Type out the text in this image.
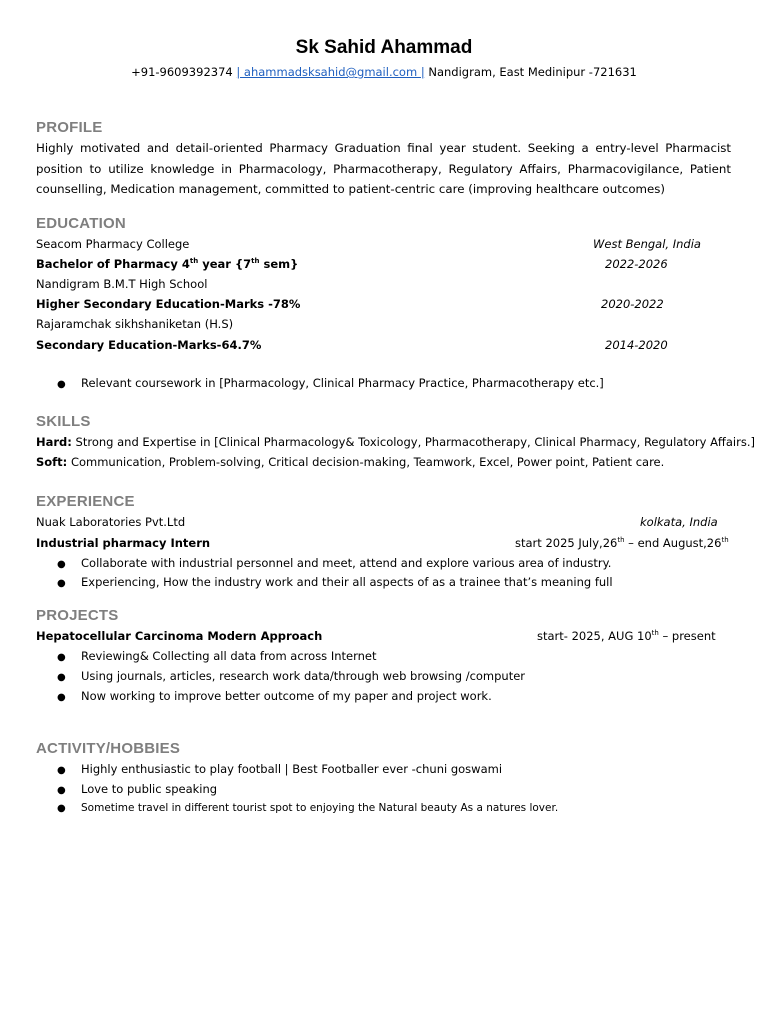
Sk Sahid Ahammad
+91-9609392374 | ahammadsksahid@gmail.com | Nandigram, East Medinipur -721631
PROFILE
Highly motivated and detail-oriented Pharmacy Graduation final year student. Seeking a entry-level Pharmacist position to utilize knowledge in Pharmacology, Pharmacotherapy, Regulatory Affairs, Pharmacovigilance, Patient counselling, Medication management, committed to patient-centric care (improving healthcare outcomes)
EDUCATION
Seacom Pharmacy College	West Bengal, India
Bachelor of Pharmacy 4th year {7th sem}	2022-2026
Nandigram B.M.T High School
Higher Secondary Education-Marks -78%	2020-2022
Rajaramchak sikhshaniketan (H.S)
Secondary Education-Marks-64.7%	2014-2020
● Relevant coursework in [Pharmacology, Clinical Pharmacy Practice, Pharmacotherapy etc.]
SKILLS
Hard: Strong and Expertise in [Clinical Pharmacology& Toxicology, Pharmacotherapy, Clinical Pharmacy, Regulatory Affairs.]
Soft: Communication, Problem-solving, Critical decision-making, Teamwork, Excel, Power point, Patient care.
EXPERIENCE
Nuak Laboratories Pvt.Ltd	kolkata, India
Industrial pharmacy Intern	start 2025 July,26th – end August,26th
● Collaborate with industrial personnel and meet, attend and explore various area of industry.
● Experiencing, How the industry work and their all aspects of as a trainee that’s meaning full
PROJECTS
Hepatocellular Carcinoma Modern Approach	start- 2025, AUG 10th – present
● Reviewing& Collecting all data from across Internet
● Using journals, articles, research work data/through web browsing /computer
● Now working to improve better outcome of my paper and project work.
ACTIVITY/HOBBIES
● Highly enthusiastic to play football | Best Footballer ever -chuni goswami
● Love to public speaking
● Sometime travel in different tourist spot to enjoying the Natural beauty As a natures lover.
